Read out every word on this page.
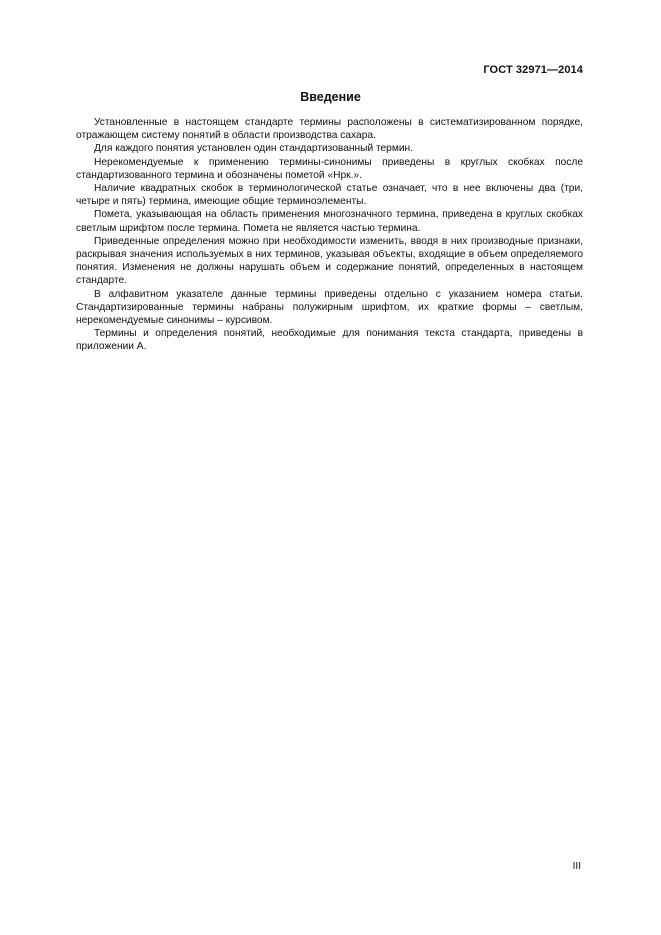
ГОСТ 32971—2014
Введение

Установленные в настоящем стандарте термины расположены в систематизированном порядке, отражающем систему понятий в области производства сахара.

Для каждого понятия установлен один стандартизованный термин.

Нерекомендуемые к применению термины-синонимы приведены в круглых скобках после стандартизованного термина и обозначены пометой «Нрк.».

Наличие квадратных скобок в терминологической статье означает, что в нее включены два (три, четыре и пять) термина, имеющие общие терминоэлементы.

Помета, указывающая на область применения многозначного термина, приведена в круглых скобках светлым шрифтом после термина. Помета не является частью термина.

Приведенные определения можно при необходимости изменить, вводя в них производные признаки, раскрывая значения используемых в них терминов, указывая объекты, входящие в объем определяемого понятия. Изменения не должны нарушать объем и содержание понятий, определенных в настоящем стандарте.

В алфавитном указателе данные термины приведены отдельно с указанием номера статьи. Стандартизированные термины набраны полужирным шрифтом, их краткие формы – светлым, нерекомендуемые синонимы – курсивом.

Термины и определения понятий, необходимые для понимания текста стандарта, приведены в приложении А.

III
